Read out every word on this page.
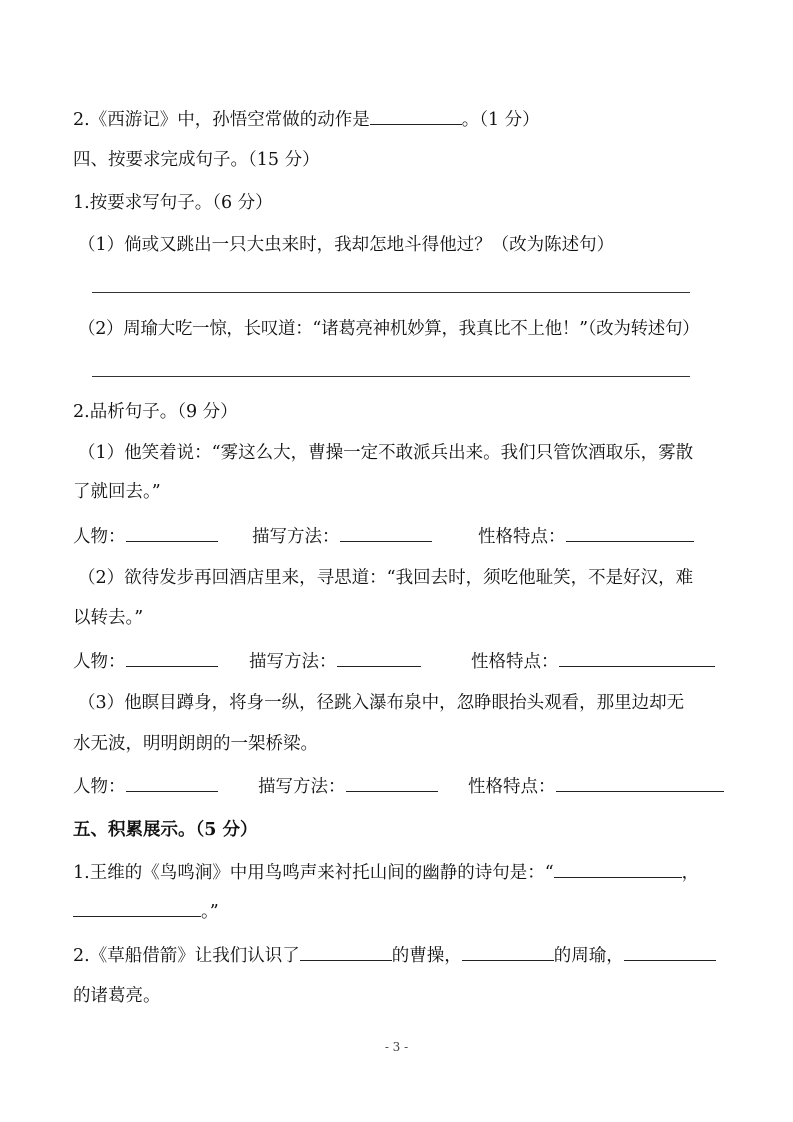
2.《西游记》中，孙悟空常做的动作是	。（1 分）
四、按要求完成句子。（15 分）
1.按要求写句子。（6 分）
（1）倘或又跳出一只大虫来时，我却怎地斗得他过？（改为陈述句）
（2）周瑜大吃一惊，长叹道：“诸葛亮神机妙算，我真比不上他！”（改为转述句）
2.品析句子。（9 分）
（1）他笑着说：“雾这么大，曹操一定不敢派兵出来。我们只管饮酒取乐，雾散
了就回去。”
人物：	描写方法：	性格特点：
（2）欲待发步再回酒店里来，寻思道：“我回去时，须吃他耻笑，不是好汉，难
以转去。”
人物：	描写方法：	性格特点：
（3）他瞑目蹲身，将身一纵，径跳入瀑布泉中，忽睁眼抬头观看，那里边却无
水无波，明明朗朗的一架桥梁。
人物：	描写方法：	性格特点：
五、积累展示。（5 分）
1.王维的《鸟鸣涧》中用鸟鸣声来衬托山间的幽静的诗句是：“	，
。”
2.《草船借箭》让我们认识了	的曹操，	的周瑜，
的诸葛亮。
- 3 -
